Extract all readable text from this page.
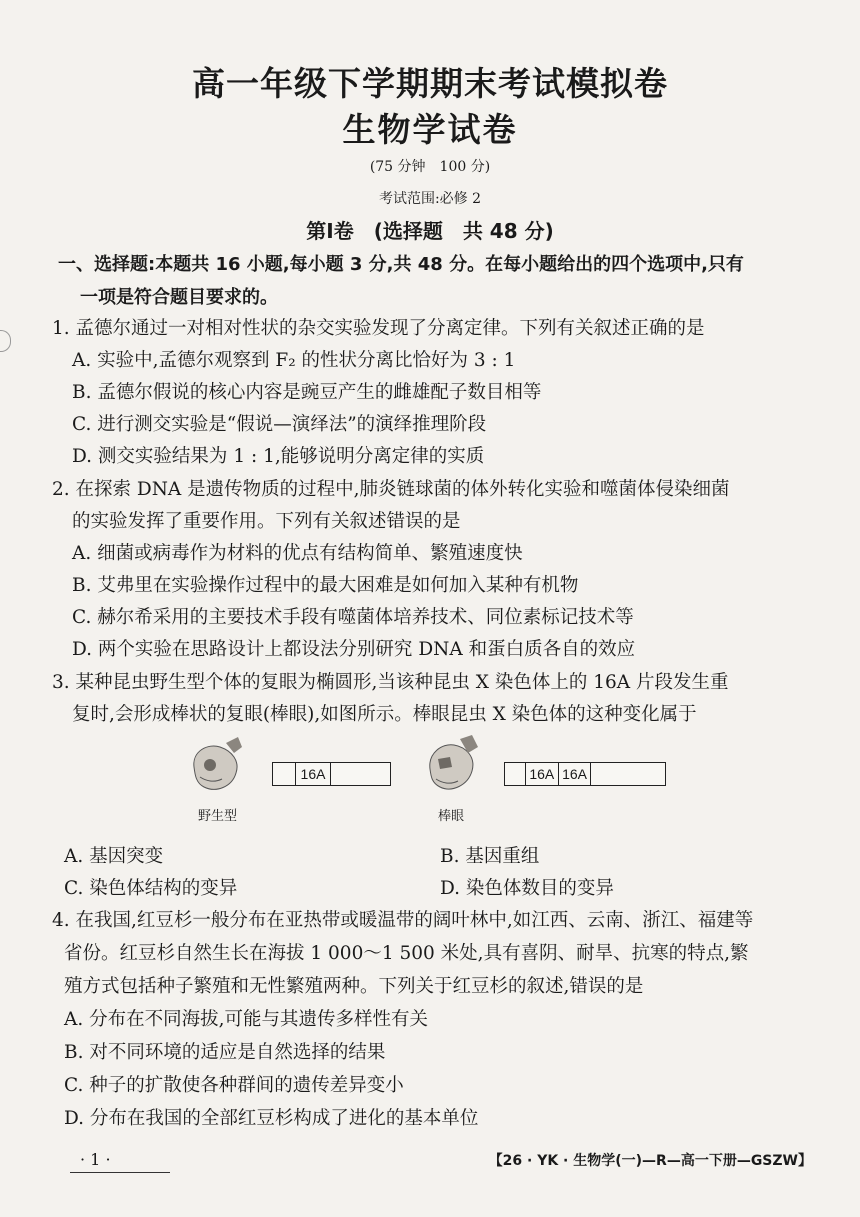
高一年级下学期期末考试模拟卷
生物学试卷
(75 分钟　100 分)
考试范围:必修 2
第Ⅰ卷　(选择题　共 48 分)
一、选择题:本题共 16 小题,每小题 3 分,共 48 分。在每小题给出的四个选项中,只有
一项是符合题目要求的。
1. 孟德尔通过一对相对性状的杂交实验发现了分离定律。下列有关叙述正确的是
A. 实验中,孟德尔观察到 F₂ 的性状分离比恰好为 3 : 1
B. 孟德尔假说的核心内容是豌豆产生的雌雄配子数目相等
C. 进行测交实验是“假说—演绎法”的演绎推理阶段
D. 测交实验结果为 1 : 1,能够说明分离定律的实质
2. 在探索 DNA 是遗传物质的过程中,肺炎链球菌的体外转化实验和噬菌体侵染细菌
的实验发挥了重要作用。下列有关叙述错误的是
A. 细菌或病毒作为材料的优点有结构简单、繁殖速度快
B. 艾弗里在实验操作过程中的最大困难是如何加入某种有机物
C. 赫尔希采用的主要技术手段有噬菌体培养技术、同位素标记技术等
D. 两个实验在思路设计上都设法分别研究 DNA 和蛋白质各自的效应
3. 某种昆虫野生型个体的复眼为椭圆形,当该种昆虫 X 染色体上的 16A 片段发生重
复时,会形成棒状的复眼(棒眼),如图所示。棒眼昆虫 X 染色体的这种变化属于
野生型
16A
棒眼
16A 16A
A. 基因突变	B. 基因重组
C. 染色体结构的变异	D. 染色体数目的变异
4. 在我国,红豆杉一般分布在亚热带或暖温带的阔叶林中,如江西、云南、浙江、福建等
省份。红豆杉自然生长在海拔 1 000～1 500 米处,具有喜阴、耐旱、抗寒的特点,繁
殖方式包括种子繁殖和无性繁殖两种。下列关于红豆杉的叙述,错误的是
A. 分布在不同海拔,可能与其遗传多样性有关
B. 对不同环境的适应是自然选择的结果
C. 种子的扩散使各种群间的遗传差异变小
D. 分布在我国的全部红豆杉构成了进化的基本单位
· 1 ·	【26 · YK · 生物学(一)—R—高一下册—GSZW】
